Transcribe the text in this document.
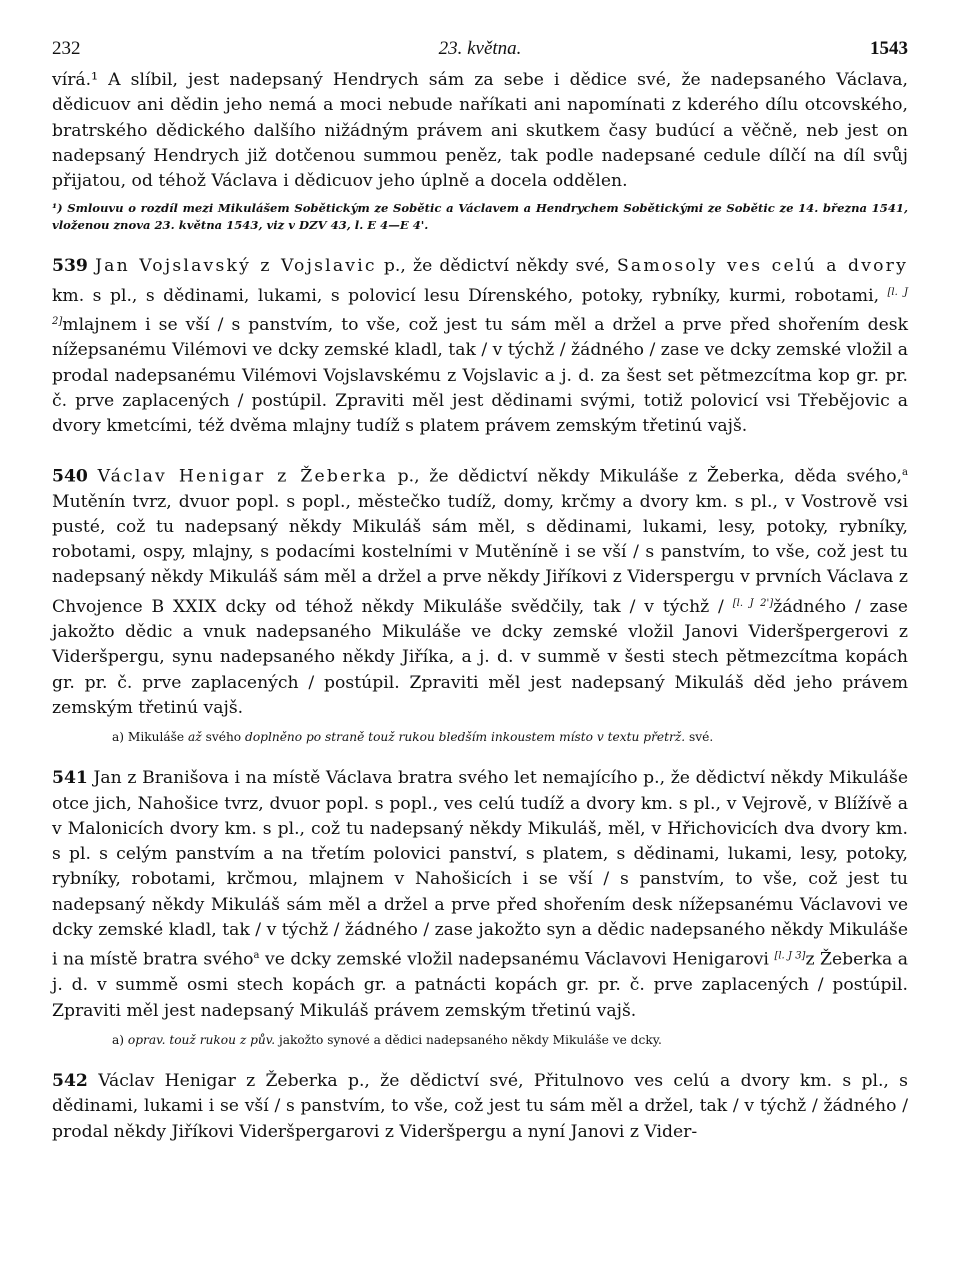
232	23. května.	1543
vírá.¹ A slíbil, jest nadepsaný Hendrych sám za sebe i dědice své, že nadepsaného Václava, dědicuov ani dědin jeho nemá a moci nebude naříkati ani napomínati z kderého dílu otcovského, bratrského dědického dalšího nižádným právem ani skutkem časy budúcí a věčně, neb jest on nadepsaný Hendrych již dotčenou summou peněz, tak podle nadepsané cedule dílčí na díl svůj přijatou, od téhož Václava i dědicuov jeho úplně a docela oddělen.
¹) Smlouvu o rozdíl mezi Mikulášem Sobětickým ze Sobětic a Václavem a Hendrychem Sobětickými ze Sobětic ze 14. března 1541, vloženou znova 23. května 1543, viz v DZV 43, l. E 4—E 4'.
539 Jan Vojslavský z Vojslavic p., že dědictví někdy své, Samosoly ves celú a dvory km. s pl., s dědinami, lukami, s polovicí lesu Dírenského, potoky, rybníky, kurmi, robotami, [l. J 2]mlajnem i se vší / s panstvím, to vše, což jest tu sám měl a držel a prve před shořením desk nížepsanému Vilémovi ve dcky zemské kladl, tak / v týchž / žádného / zase ve dcky zemské vložil a prodal nadepsanému Vilémovi Vojslavskému z Vojslavic a j. d. za šest set pětmezcítma kop gr. pr. č. prve zaplacených / postúpil. Zpraviti měl jest dědinami svými, totiž polovicí vsi Třebějovic a dvory kmetcími, též dvěma mlajny tudíž s platem právem zemským třetinú vajš.
540 Václav Henigar z Žeberka p., že dědictví někdy Mikuláše z Žeberka, děda svého,$^a$ Mutěnín tvrz, dvuor popl. s popl., městečko tudíž, domy, krčmy a dvory km. s pl., v Vostrově vsi pusté, což tu nadepsaný někdy Mikuláš sám měl, s dědinami, lukami, lesy, potoky, rybníky, robotami, ospy, mlajny, s podacími kostelními v Mutěníně i se vší / s panstvím, to vše, což jest tu nadepsaný někdy Mikuláš sám měl a držel a prve někdy Jiříkovi z Viderspergu v prvních Václava z Chvojence B XXIX dcky od téhož někdy Mikuláše svědčily, tak / v týchž / [l. J 2']žádného / zase jakožto dědic a vnuk nadepsaného Mikuláše ve dcky zemské vložil Janovi Videršpergerovi z Videršpergu, synu nadepsaného někdy Jiříka, a j. d. v summě v šesti stech pětmezcítma kopách gr. pr. č. prve zaplacených / postúpil. Zpraviti měl jest nadepsaný Mikuláš děd jeho právem zemským třetinú vajš.
a) Mikuláše až svého doplněno po straně touž rukou bledším inkoustem místo v textu přetrž. své.
541 Jan z Branišova i na místě Václava bratra svého let nemajícího p., že dědictví někdy Mikuláše otce jich, Nahošice tvrz, dvuor popl. s popl., ves celú tudíž a dvory km. s pl., v Vejrově, v Blížívě a v Malonicích dvory km. s pl., což tu nadepsaný někdy Mikuláš, měl, v Hřichovicích dva dvory km. s pl. s celým panstvím a na třetím polovici panství, s platem, s dědinami, lukami, lesy, potoky, rybníky, robotami, krčmou, mlajnem v Nahošicích i se vší / s panstvím, to vše, což jest tu nadepsaný někdy Mikuláš sám měl a držel a prve před shořením desk nížepsanému Václavovi ve dcky zemské kladl, tak / v týchž / žádného / zase jakožto syn a dědic nadepsaného někdy Mikuláše i na místě bratra svého$^a$ ve dcky zemské vložil nadepsanému Václavovi Henigarovi [l. J 3]z Žeberka a j. d. v summě osmi stech kopách gr. a patnácti kopách gr. pr. č. prve zaplacených / postúpil. Zpraviti měl jest nadepsaný Mikuláš právem zemským třetinú vajš.
a) oprav. touž rukou z pův. jakožto synové a dědici nadepsaného někdy Mikuláše ve dcky.
542 Václav Henigar z Žeberka p., že dědictví své, Přitulnovo ves celú a dvory km. s pl., s dědinami, lukami i se vší / s panstvím, to vše, což jest tu sám měl a držel, tak / v týchž / žádného / prodal někdy Jiříkovi Videršpergarovi z Videršpergu a nyní Janovi z Vider-
